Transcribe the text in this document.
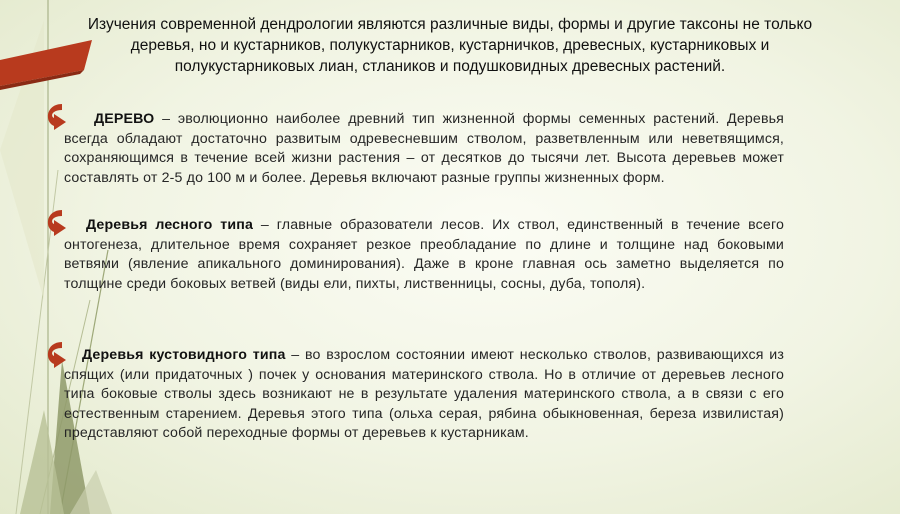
Изучения современной дендрологии являются различные виды, формы и другие таксоны не только деревья, но и кустарников, полукустарников, кустарничков, древесных, кустарниковых и полукустарниковых лиан, стлаников и подушковидных древесных растений.
ДЕРЕВО – эволюционно наиболее древний тип жизненной формы семенных растений. Деревья всегда обладают достаточно развитым одревесневшим стволом, разветвленным или неветвящимся, сохраняющимся в течение всей жизни растения – от десятков до тысячи лет. Высота деревьев может составлять от 2-5 до 100 м и более. Деревья включают разные группы жизненных форм.
Деревья лесного типа – главные образователи лесов. Их ствол, единственный в течение всего онтогенеза, длительное время сохраняет резкое преобладание по длине и толщине над боковыми ветвями (явление апикального доминирования). Даже в кроне главная ось заметно выделяется по толщине среди боковых ветвей (виды ели, пихты, лиственницы, сосны, дуба, тополя).
Деревья кустовидного типа – во взрослом состоянии имеют несколько стволов, развивающихся из спящих (или придаточных ) почек у основания материнского ствола. Но в отличие от деревьев лесного типа боковые стволы здесь возникают не в результате удаления материнского ствола, а в связи с его естественным старением. Деревья этого типа (ольха серая, рябина обыкновенная, береза извилистая) представляют собой переходные формы от деревьев к кустарникам.
